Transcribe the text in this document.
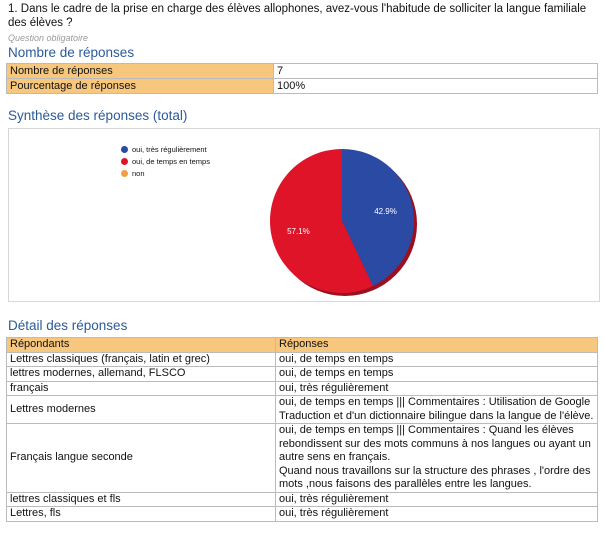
1. Dans le cadre de la prise en charge des élèves allophones, avez-vous l'habitude de solliciter la langue familiale des élèves ?
Question obligatoire
Nombre de réponses
Nombre de réponses	7
Pourcentage de réponses	100%
Synthèse des réponses (total)
oui, très régulièrement
oui, de temps en temps
non
42.9%
57.1%
Détail des réponses
Répondants	Réponses
Lettres classiques (français, latin et grec)	oui, de temps en temps
lettres modernes, allemand, FLSCO	oui, de temps en temps
français	oui, très régulièrement
Lettres modernes	oui, de temps en temps ||| Commentaires : Utilisation de Google Traduction et d'un dictionnaire bilingue dans la langue de l'élève.
Français langue seconde	oui, de temps en temps ||| Commentaires : Quand les élèves rebondissent sur des mots communs à nos langues ou ayant un autre sens en français.
Quand nous travaillons sur la structure des phrases , l'ordre des mots ,nous faisons des parallèles entre les langues.
lettres classiques et fls	oui, très régulièrement
Lettres, fls	oui, très régulièrement
